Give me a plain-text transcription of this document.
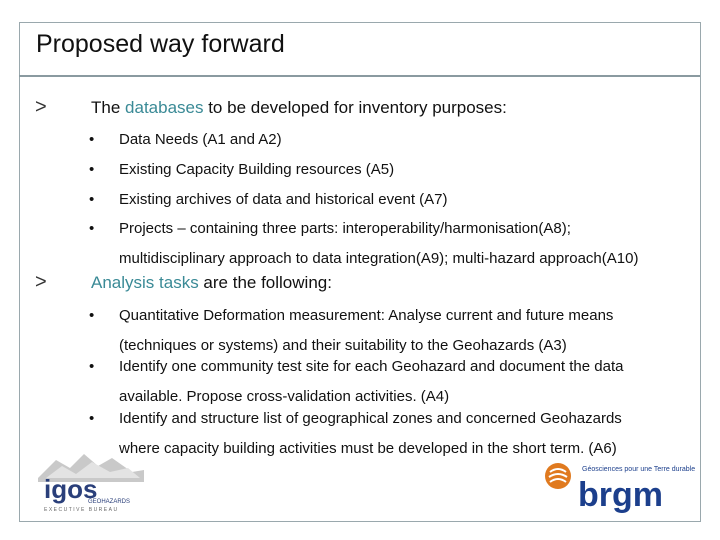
Proposed way forward
>	The databases to be developed for inventory purposes:
• Data Needs (A1 and A2)
• Existing Capacity Building resources (A5)
• Existing archives of data and historical event (A7)
• Projects – containing three parts: interoperability/harmonisation(A8);
multidisciplinary approach to data integration(A9); multi-hazard approach(A10)
>	Analysis tasks are the following:
• Quantitative Deformation measurement: Analyse current and future means
(techniques or systems) and their suitability to the Geohazards (A3)
• Identify one community test site for each Geohazard and document the data
available. Propose cross-validation activities. (A4)
• Identify and structure list of geographical zones and concerned Geohazards
where capacity building activities must be developed in the short term. (A6)
igos
GEOHAZARDS
EXECUTIVE BUREAU
Géosciences pour une Terre durable
brgm
